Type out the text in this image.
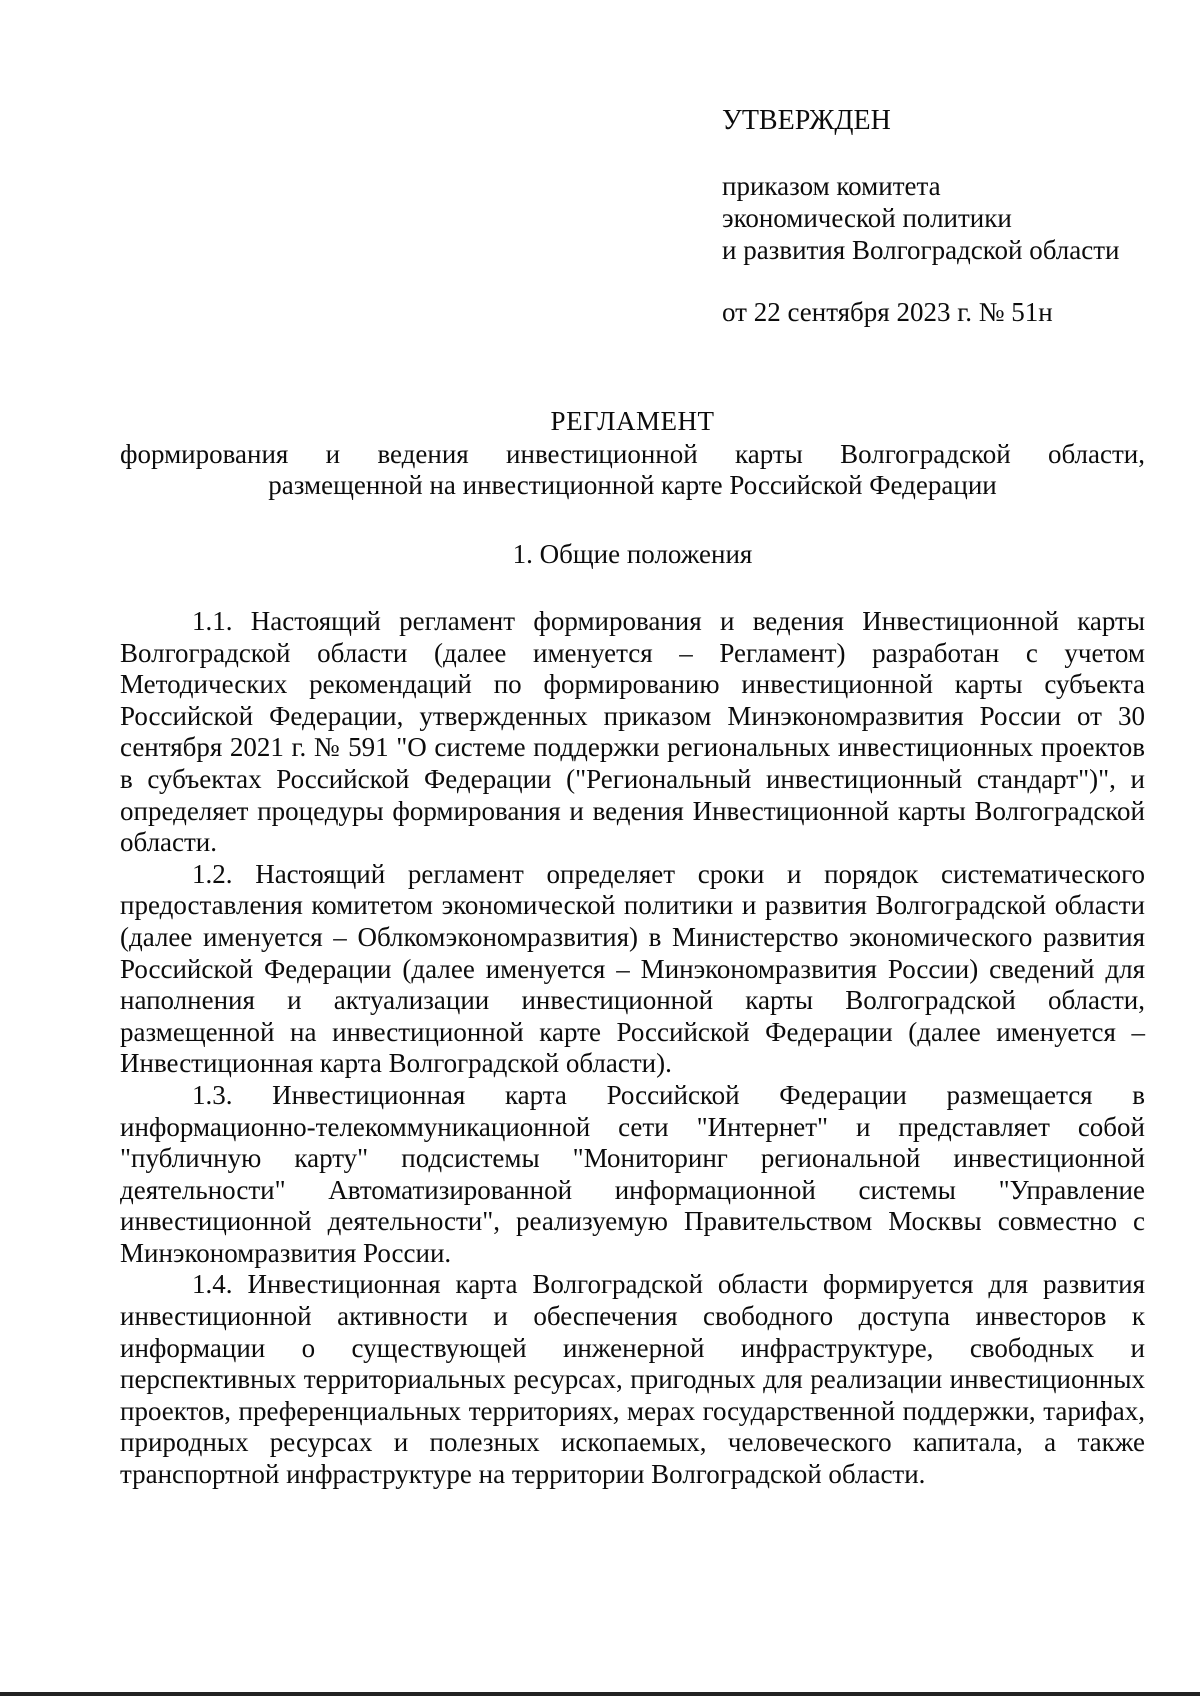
УТВЕРЖДЕН
приказом комитета
экономической политики
и развития Волгоградской области
от 22 сентября 2023 г. № 51н
РЕГЛАМЕНТ
формирования и ведения инвестиционной карты Волгоградской области,
размещенной на инвестиционной карте Российской Федерации
1. Общие положения

1.1. Настоящий регламент формирования и ведения Инвестиционной карты Волгоградской области (далее именуется – Регламент) разработан с учетом Методических рекомендаций по формированию инвестиционной карты субъекта Российской Федерации, утвержденных приказом Минэкономразвития России от 30 сентября 2021 г. № 591 "О системе поддержки региональных инвестиционных проектов в субъектах Российской Федерации ("Региональный инвестиционный стандарт")", и определяет процедуры формирования и ведения Инвестиционной карты Волгоградской области.

1.2. Настоящий регламент определяет сроки и порядок систематического предоставления комитетом экономической политики и развития Волгоградской области (далее именуется – Облкомэкономразвития) в Министерство экономического развития Российской Федерации (далее именуется – Минэкономразвития России) сведений для наполнения и актуализации инвестиционной карты Волгоградской области, размещенной на инвестиционной карте Российской Федерации (далее именуется – Инвестиционная карта Волгоградской области).

1.3. Инвестиционная карта Российской Федерации размещается в информационно-телекоммуникационной сети "Интернет" и представляет собой "публичную карту" подсистемы "Мониторинг региональной инвестиционной деятельности" Автоматизированной информационной системы "Управление инвестиционной деятельности", реализуемую Правительством Москвы совместно с Минэкономразвития России.

1.4. Инвестиционная карта Волгоградской области формируется для развития инвестиционной активности и обеспечения свободного доступа инвесторов к информации о существующей инженерной инфраструктуре, свободных и перспективных территориальных ресурсах, пригодных для реализации инвестиционных проектов, преференциальных территориях, мерах государственной поддержки, тарифах, природных ресурсах и полезных ископаемых, человеческого капитала, а также транспортной инфраструктуре на территории Волгоградской области.
